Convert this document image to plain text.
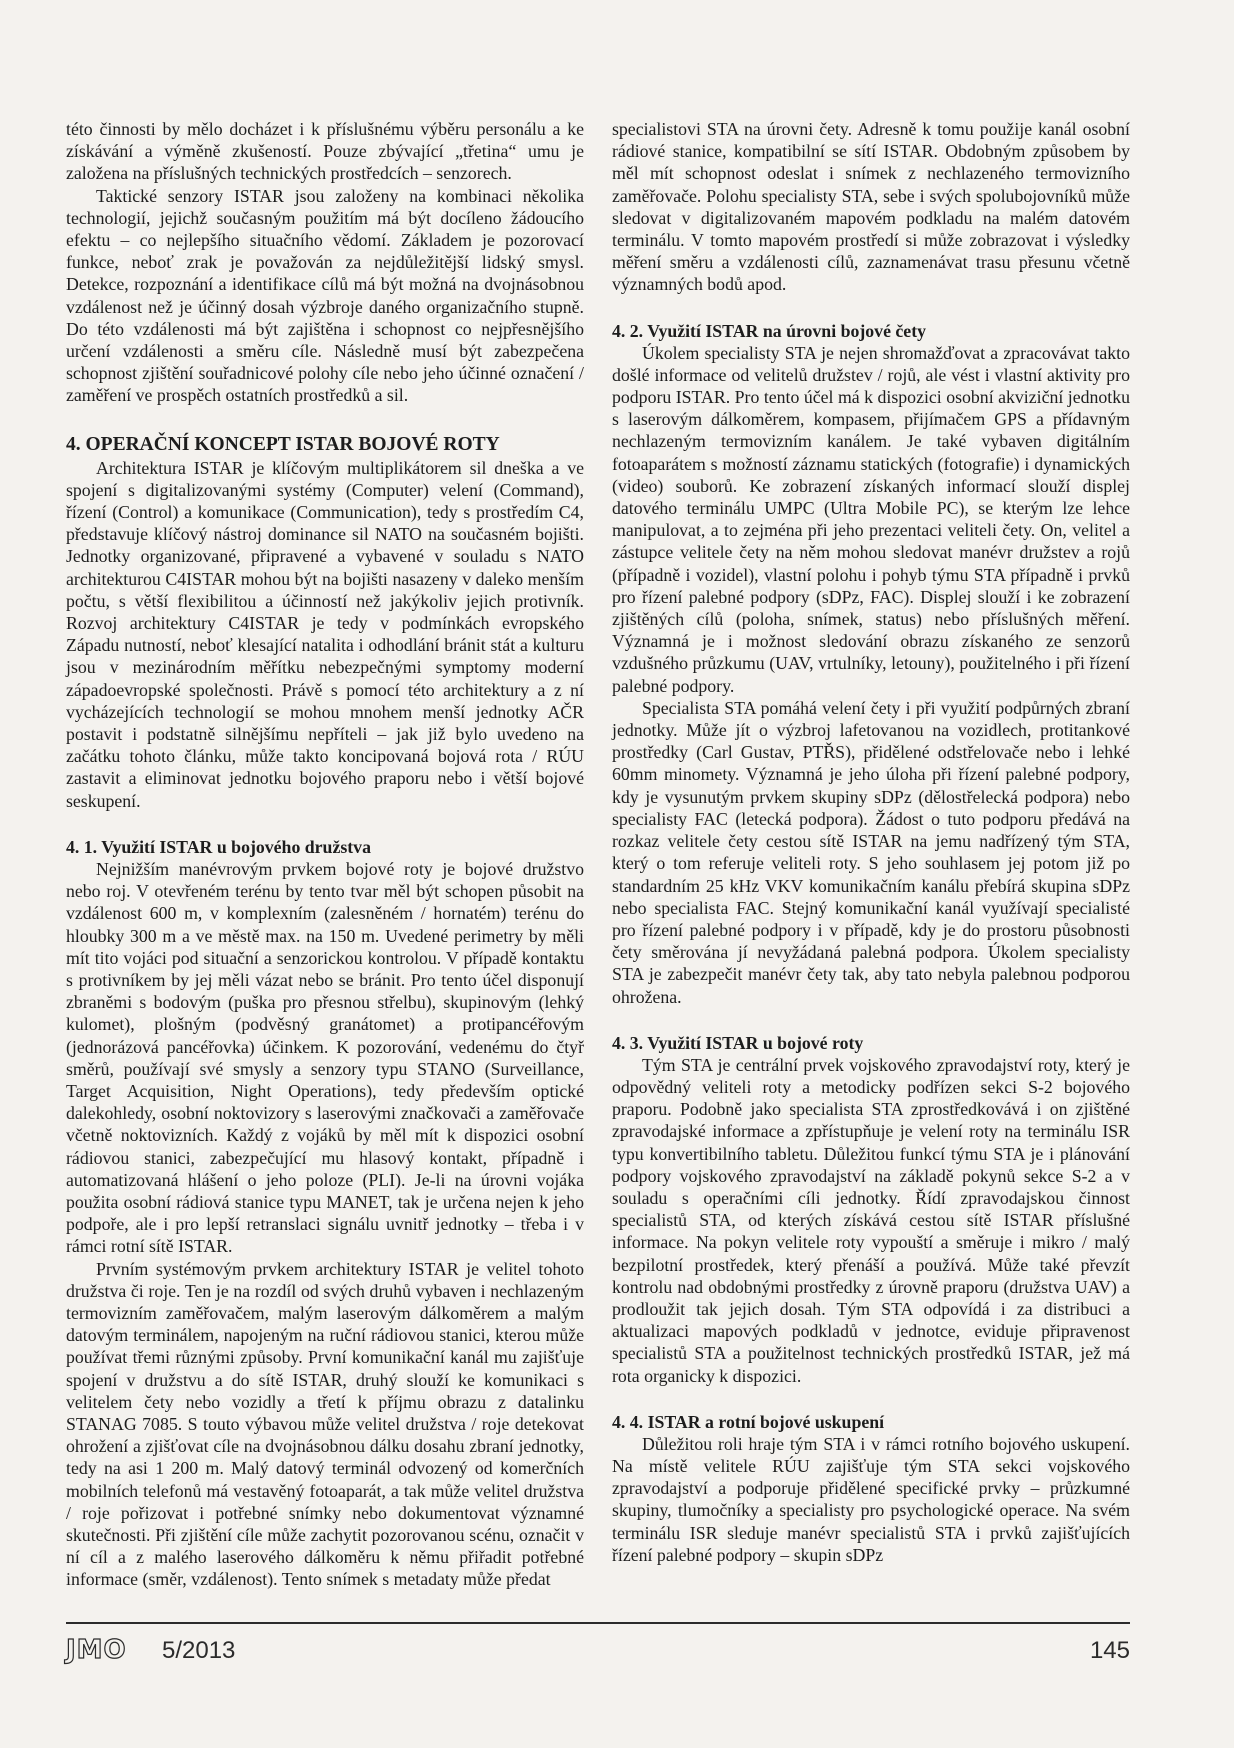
této činnosti by mělo docházet i k příslušnému výběru personálu a ke získávání a výměně zkušeností. Pouze zbývající „třetina“ umu je založena na příslušných technických prostředcích – senzorech.

Taktické senzory ISTAR jsou založeny na kombinaci několika technologií, jejichž současným použitím má být docíleno žádoucího efektu – co nejlepšího situačního vědomí. Základem je pozorovací funkce, neboť zrak je považován za nejdůležitější lidský smysl. Detekce, rozpoznání a identifikace cílů má být možná na dvojnásobnou vzdálenost než je účinný dosah výzbroje daného organizačního stupně. Do této vzdálenosti má být zajištěna i schopnost co nejpřesnějšího určení vzdálenosti a směru cíle. Následně musí být zabezpečena schopnost zjištění souřadnicové polohy cíle nebo jeho účinné označení / zaměření ve prospěch ostatních prostředků a sil.

4. OPERAČNÍ KONCEPT ISTAR BOJOVÉ ROTY

Architektura ISTAR je klíčovým multiplikátorem sil dneška a ve spojení s digitalizovanými systémy (Computer) velení (Command), řízení (Control) a komunikace (Communication), tedy s prostředím C4, představuje klíčový nástroj dominance sil NATO na současném bojišti. Jednotky organizované, připravené a vybavené v souladu s NATO architekturou C4ISTAR mohou být na bojišti nasazeny v daleko menším počtu, s větší flexibilitou a účinností než jakýkoliv jejich protivník. Rozvoj architektury C4ISTAR je tedy v podmínkách evropského Západu nutností, neboť klesající natalita i odhodlání bránit stát a kulturu jsou v mezinárodním měřítku nebezpečnými symptomy moderní západoevropské společnosti. Právě s pomocí této architektury a z ní vycházejících technologií se mohou mnohem menší jednotky AČR postavit i podstatně silnějšímu nepříteli – jak již bylo uvedeno na začátku tohoto článku, může takto koncipovaná bojová rota / RÚU zastavit a eliminovat jednotku bojového praporu nebo i větší bojové seskupení.

4. 1. Využití ISTAR u bojového družstva

Nejnižším manévrovým prvkem bojové roty je bojové družstvo nebo roj. V otevřeném terénu by tento tvar měl být schopen působit na vzdálenost 600 m, v komplexním (zalesněném / hornatém) terénu do hloubky 300 m a ve městě max. na 150 m. Uvedené perimetry by měli mít tito vojáci pod situační a senzorickou kontrolou. V případě kontaktu s protivníkem by jej měli vázat nebo se bránit. Pro tento účel disponují zbraněmi s bodovým (puška pro přesnou střelbu), skupinovým (lehký kulomet), plošným (podvěsný granátomet) a protipancéřovým (jednorázová pancéřovka) účinkem. K pozorování, vedenému do čtyř směrů, používají své smysly a senzory typu STANO (Surveillance, Target Acquisition, Night Operations), tedy především optické dalekohledy, osobní noktovizory s laserovými značkovači a zaměřovače včetně noktovizních. Každý z vojáků by měl mít k dispozici osobní rádiovou stanici, zabezpečující mu hlasový kontakt, případně i automatizovaná hlášení o jeho poloze (PLI). Je-li na úrovni vojáka použita osobní rádiová stanice typu MANET, tak je určena nejen k jeho podpoře, ale i pro lepší retranslaci signálu uvnitř jednotky – třeba i v rámci rotní sítě ISTAR.

Prvním systémovým prvkem architektury ISTAR je velitel tohoto družstva či roje. Ten je na rozdíl od svých druhů vybaven i nechlazeným termovizním zaměřovačem, malým laserovým dálkoměrem a malým datovým terminálem, napojeným na ruční rádiovou stanici, kterou může používat třemi různými způsoby. První komunikační kanál mu zajišťuje spojení v družstvu a do sítě ISTAR, druhý slouží ke komunikaci s velitelem čety nebo vozidly a třetí k příjmu obrazu z datalinku STANAG 7085. S touto výbavou může velitel družstva / roje detekovat ohrožení a zjišťovat cíle na dvojnásobnou dálku dosahu zbraní jednotky, tedy na asi 1 200 m. Malý datový terminál odvozený od komerčních mobilních telefonů má vestavěný fotoaparát, a tak může velitel družstva / roje pořizovat i potřebné snímky nebo dokumentovat významné skutečnosti. Při zjištění cíle může zachytit pozorovanou scénu, označit v ní cíl a z malého laserového dálkoměru k němu přiřadit potřebné informace (směr, vzdálenost). Tento snímek s metadaty může předat

specialistovi STA na úrovni čety. Adresně k tomu použije kanál osobní rádiové stanice, kompatibilní se sítí ISTAR. Obdobným způsobem by měl mít schopnost odeslat i snímek z nechlazeného termovizního zaměřovače. Polohu specialisty STA, sebe i svých spolubojovníků může sledovat v digitalizovaném mapovém podkladu na malém datovém terminálu. V tomto mapovém prostředí si může zobrazovat i výsledky měření směru a vzdálenosti cílů, zaznamenávat trasu přesunu včetně významných bodů apod.

4. 2. Využití ISTAR na úrovni bojové čety

Úkolem specialisty STA je nejen shromažďovat a zpracovávat takto došlé informace od velitelů družstev / rojů, ale vést i vlastní aktivity pro podporu ISTAR. Pro tento účel má k dispozici osobní akviziční jednotku s laserovým dálkoměrem, kompasem, přijímačem GPS a přídavným nechlazeným termovizním kanálem. Je také vybaven digitálním fotoaparátem s možností záznamu statických (fotografie) i dynamických (video) souborů. Ke zobrazení získaných informací slouží displej datového terminálu UMPC (Ultra Mobile PC), se kterým lze lehce manipulovat, a to zejména při jeho prezentaci veliteli čety. On, velitel a zástupce velitele čety na něm mohou sledovat manévr družstev a rojů (případně i vozidel), vlastní polohu i pohyb týmu STA případně i prvků pro řízení palebné podpory (sDPz, FAC). Displej slouží i ke zobrazení zjištěných cílů (poloha, snímek, status) nebo příslušných měření. Významná je i možnost sledování obrazu získaného ze senzorů vzdušného průzkumu (UAV, vrtulníky, letouny), použitelného i při řízení palebné podpory.

Specialista STA pomáhá velení čety i při využití podpůrných zbraní jednotky. Může jít o výzbroj lafetovanou na vozidlech, protitankové prostředky (Carl Gustav, PTŘS), přidělené odstřelovače nebo i lehké 60mm minomety. Významná je jeho úloha při řízení palebné podpory, kdy je vysunutým prvkem skupiny sDPz (dělostřelecká podpora) nebo specialisty FAC (letecká podpora). Žádost o tuto podporu předává na rozkaz velitele čety cestou sítě ISTAR na jemu nadřízený tým STA, který o tom referuje veliteli roty. S jeho souhlasem jej potom již po standardním 25 kHz VKV komunikačním kanálu přebírá skupina sDPz nebo specialista FAC. Stejný komunikační kanál využívají specialisté pro řízení palebné podpory i v případě, kdy je do prostoru působnosti čety směrována jí nevyžádaná palebná podpora. Úkolem specialisty STA je zabezpečit manévr čety tak, aby tato nebyla palebnou podporou ohrožena.

4. 3. Využití ISTAR u bojové roty

Tým STA je centrální prvek vojskového zpravodajství roty, který je odpovědný veliteli roty a metodicky podřízen sekci S-2 bojového praporu. Podobně jako specialista STA zprostředkovává i on zjištěné zpravodajské informace a zpřístupňuje je velení roty na terminálu ISR typu konvertibilního tabletu. Důležitou funkcí týmu STA je i plánování podpory vojskového zpravodajství na základě pokynů sekce S-2 a v souladu s operačními cíli jednotky. Řídí zpravodajskou činnost specialistů STA, od kterých získává cestou sítě ISTAR příslušné informace. Na pokyn velitele roty vypouští a směruje i mikro / malý bezpilotní prostředek, který přenáší a používá. Může také převzít kontrolu nad obdobnými prostředky z úrovně praporu (družstva UAV) a prodloužit tak jejich dosah. Tým STA odpovídá i za distribuci a aktualizaci mapových podkladů v jednotce, eviduje připravenost specialistů STA a použitelnost technických prostředků ISTAR, jež má rota organicky k dispozici.

4. 4. ISTAR a rotní bojové uskupení

Důležitou roli hraje tým STA i v rámci rotního bojového uskupení. Na místě velitele RÚU zajišťuje tým STA sekci vojskového zpravodajství a podporuje přidělené specifické prvky – průzkumné skupiny, tlumočníky a specialisty pro psychologické operace. Na svém terminálu ISR sleduje manévr specialistů STA i prvků zajišťujících řízení palebné podpory – skupin sDPz

JMO 5/2013	145
